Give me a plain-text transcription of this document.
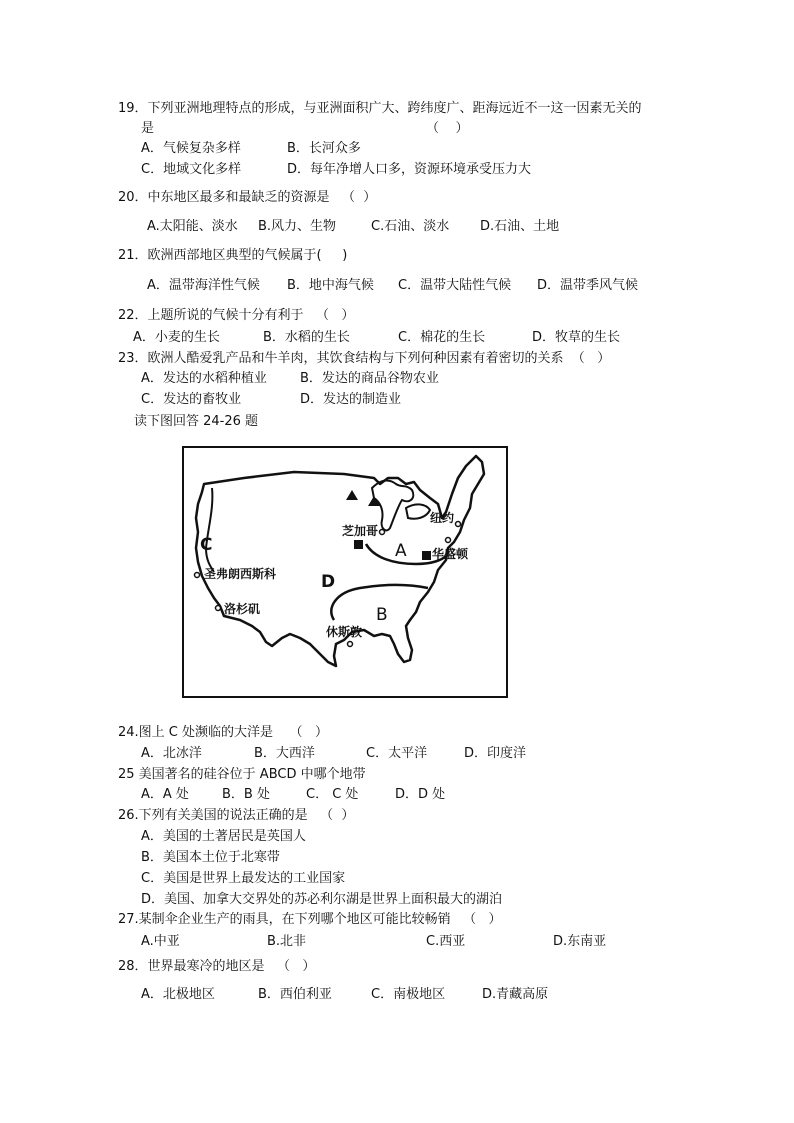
19．下列亚洲地理特点的形成，与亚洲面积广大、跨纬度广、距海远近不一这一因素无关的
是	（    ）
A．气候复杂多样	B．长河众多
C．地域文化多样	D．每年净增人口多，资源环境承受压力大
20．中东地区最多和最缺乏的资源是   （  ）
A.太阳能、淡水 B.风力、生物	C.石油、淡水 D.石油、土地
21．欧洲西部地区典型的气候属于(     )
A．温带海洋性气候 B．地中海气候 C．温带大陆性气候 D．温带季风气候
22．上题所说的气候十分有利于   （   ）
A．小麦的生长	B．水稻的生长	C．棉花的生长	D．牧草的生长
23．欧洲人酷爱乳产品和牛羊肉，其饮食结构与下列何种因素有着密切的关系  （   ）
A．发达的水稻种植业	B．发达的商品谷物农业
C．发达的畜牧业	D．发达的制造业
读下图回答 24-26 题
C
D
A
B
芝加哥
纽约
华盛顿
圣弗朗西斯科
洛杉矶
休斯敦
24.图上 C 处濒临的大洋是    （   ）
A．北冰洋	B．大西洋	C．太平洋	D．印度洋
25 美国著名的硅谷位于 ABCD 中哪个地带
A．A 处	B．B 处	C． C 处	D．D 处
26.下列有关美国的说法正确的是   （  ）
A．美国的土著居民是英国人
B．美国本土位于北寒带
C．美国是世界上最发达的工业国家
D．美国、加拿大交界处的苏必利尔湖是世界上面积最大的湖泊
27.某制伞企业生产的雨具，在下列哪个地区可能比较畅销   （   ）
A.中亚	B.北非	C.西亚	D.东南亚
28．世界最寒冷的地区是   （   ）
A．北极地区	B．西伯利亚	C．南极地区	D.青藏高原
